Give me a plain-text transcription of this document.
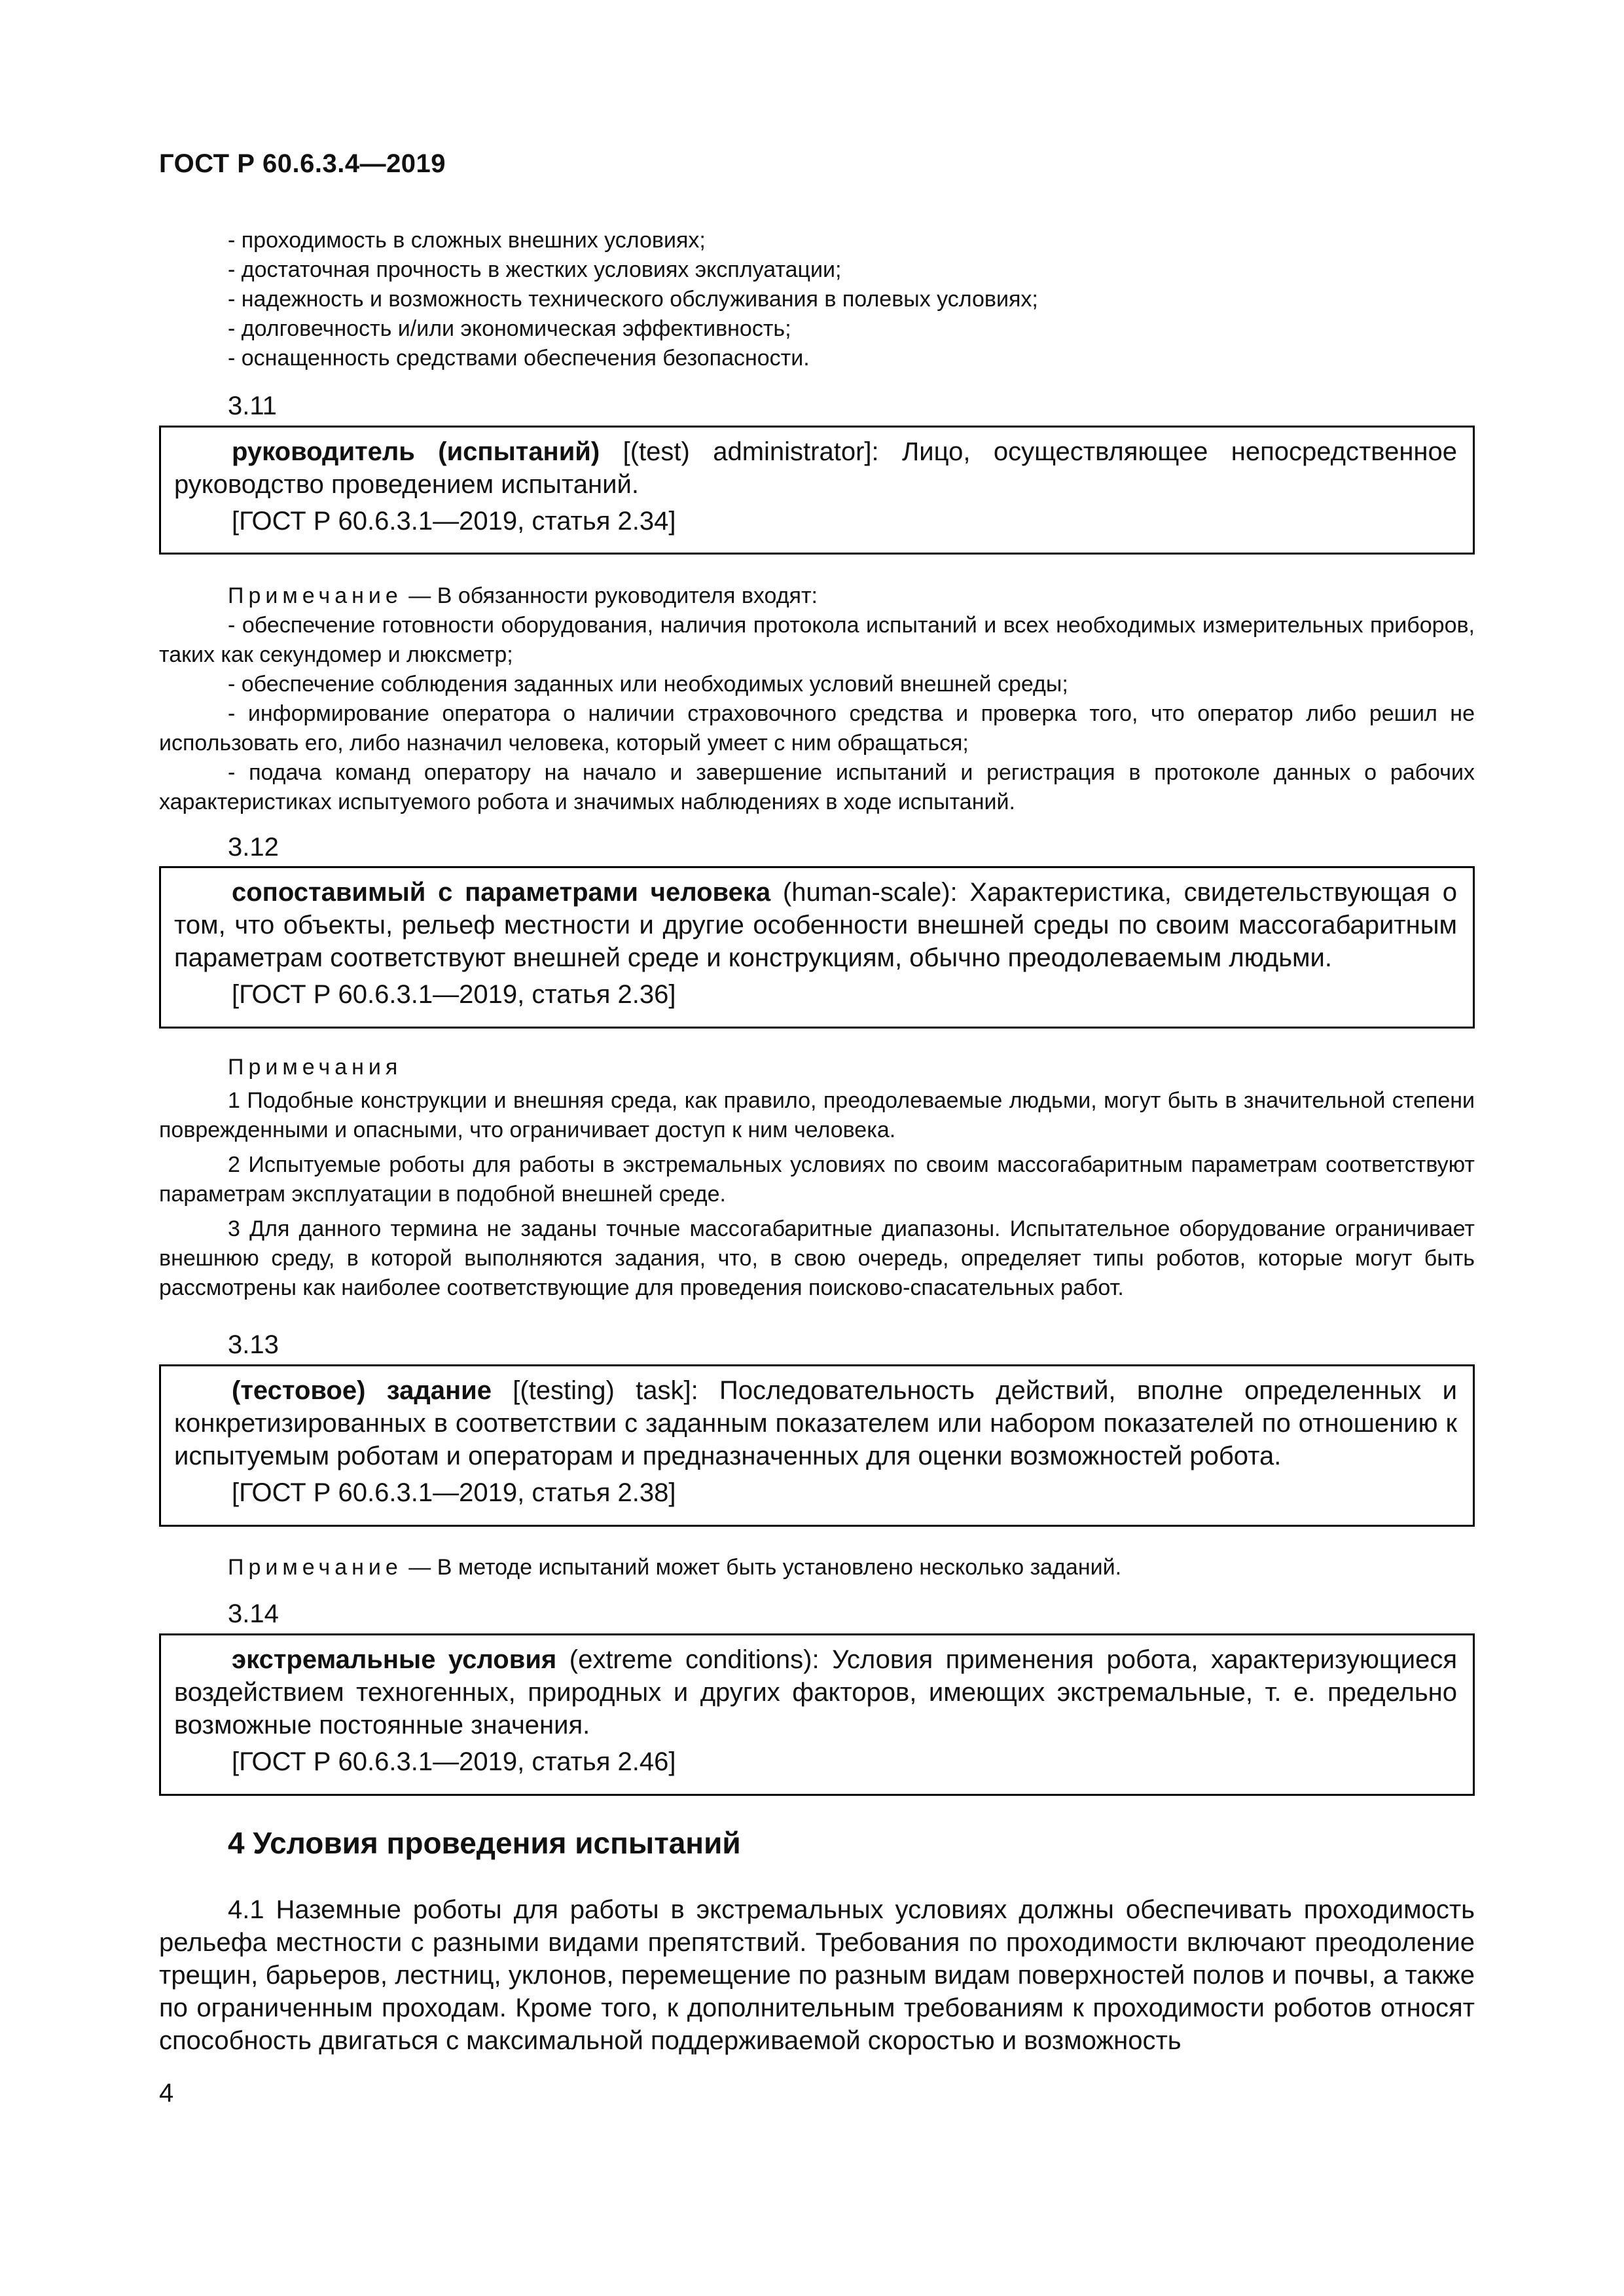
ГОСТ Р 60.6.3.4—2019
- проходимость в сложных внешних условиях;
- достаточная прочность в жестких условиях эксплуатации;
- надежность и возможность технического обслуживания в полевых условиях;
- долговечность и/или экономическая эффективность;
- оснащенность средствами обеспечения безопасности.
3.11

руководитель (испытаний) [(test) administrator]: Лицо, осуществляющее непосредственное руководство проведением испытаний.

[ГОСТ Р 60.6.3.1—2019, статья 2.34]

Примечание — В обязанности руководителя входят:

- обеспечение готовности оборудования, наличия протокола испытаний и всех необходимых измерительных приборов, таких как секундомер и люксметр;

- обеспечение соблюдения заданных или необходимых условий внешней среды;

- информирование оператора о наличии страховочного средства и проверка того, что оператор либо решил не использовать его, либо назначил человека, который умеет с ним обращаться;

- подача команд оператору на начало и завершение испытаний и регистрация в протоколе данных о рабочих характеристиках испытуемого робота и значимых наблюдениях в ходе испытаний.

3.12

сопоставимый с параметрами человека (human-scale): Характеристика, свидетельствующая о том, что объекты, рельеф местности и другие особенности внешней среды по своим массогабаритным параметрам соответствуют внешней среде и конструкциям, обычно преодолеваемым людьми.

[ГОСТ Р 60.6.3.1—2019, статья 2.36]

Примечания

1 Подобные конструкции и внешняя среда, как правило, преодолеваемые людьми, могут быть в значительной степени поврежденными и опасными, что ограничивает доступ к ним человека.

2 Испытуемые роботы для работы в экстремальных условиях по своим массогабаритным параметрам соответствуют параметрам эксплуатации в подобной внешней среде.

3 Для данного термина не заданы точные массогабаритные диапазоны. Испытательное оборудование ограничивает внешнюю среду, в которой выполняются задания, что, в свою очередь, определяет типы роботов, которые могут быть рассмотрены как наиболее соответствующие для проведения поисково-спасательных работ.

3.13

(тестовое) задание [(testing) task]: Последовательность действий, вполне определенных и конкретизированных в соответствии с заданным показателем или набором показателей по отношению к испытуемым роботам и операторам и предназначенных для оценки возможностей робота.

[ГОСТ Р 60.6.3.1—2019, статья 2.38]

Примечание — В методе испытаний может быть установлено несколько заданий.

3.14

экстремальные условия (extreme conditions): Условия применения робота, характеризующиеся воздействием техногенных, природных и других факторов, имеющих экстремальные, т. е. предельно возможные постоянные значения.

[ГОСТ Р 60.6.3.1—2019, статья 2.46]

4 Условия проведения испытаний

4.1 Наземные роботы для работы в экстремальных условиях должны обеспечивать проходимость рельефа местности с разными видами препятствий. Требования по проходимости включают преодоление трещин, барьеров, лестниц, уклонов, перемещение по разным видам поверхностей полов и почвы, а также по ограниченным проходам. Кроме того, к дополнительным требованиям к проходимости роботов относят способность двигаться с максимальной поддерживаемой скоростью и возможность

4
